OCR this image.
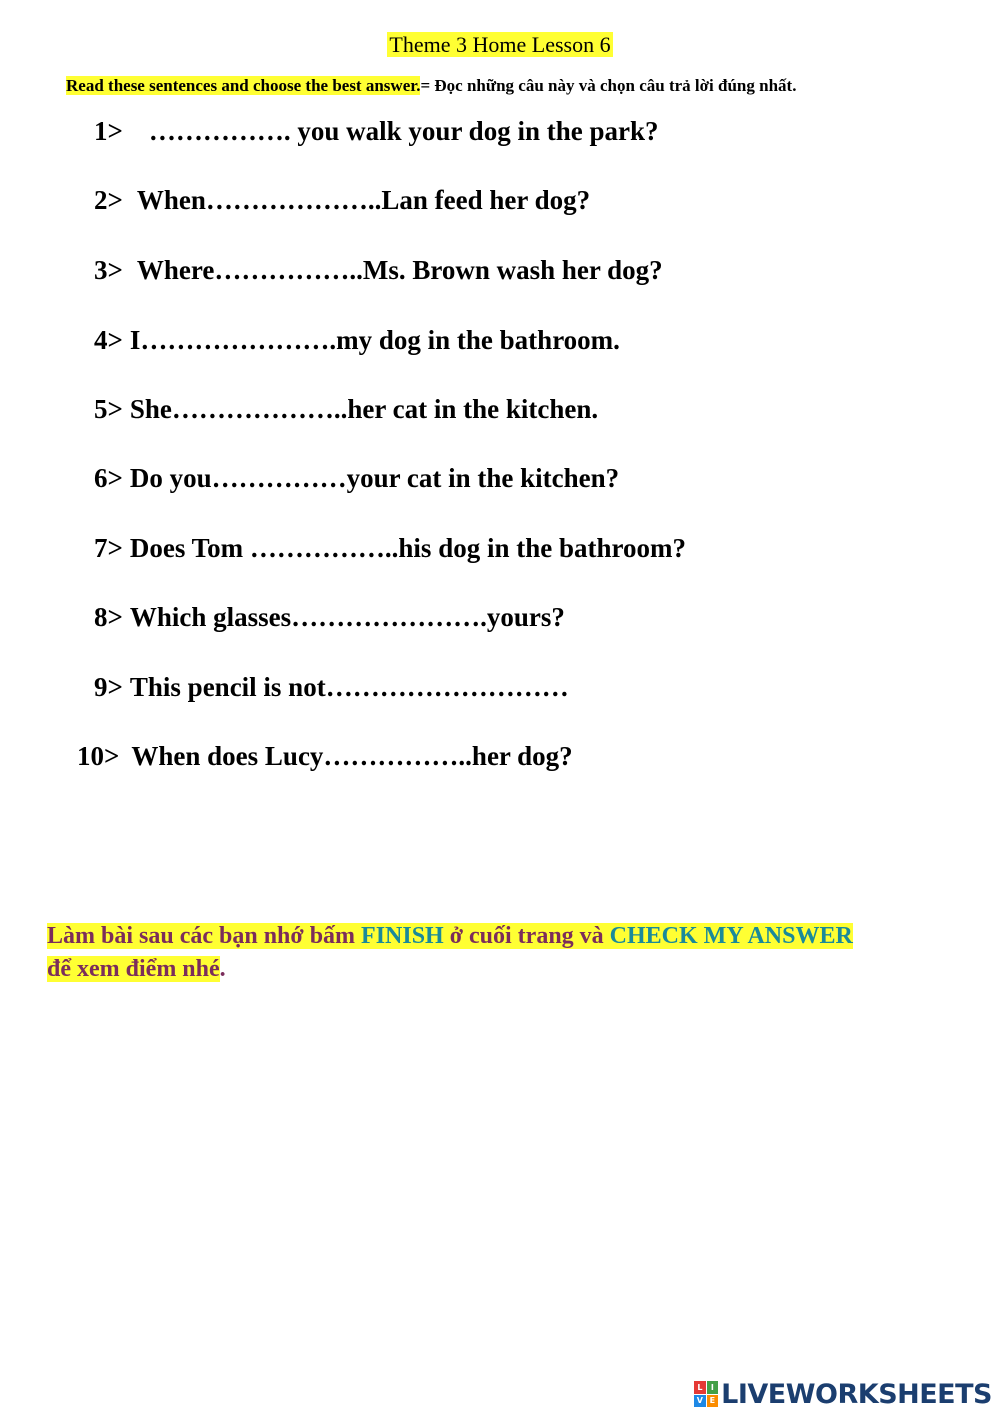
Theme 3 Home Lesson 6
Read these sentences and choose the best answer.= Đọc những câu này và chọn câu trả lời đúng nhất.
1> ……………. you walk your dog in the park?
2> When………………..Lan feed her dog?
3> Where……………..Ms. Brown wash her dog?
4> I………………….my dog in the bathroom.
5> She………………..her cat in the kitchen.
6> Do you……………your cat in the kitchen?
7> Does Tom ……………..his dog in the bathroom?
8> Which glasses………………….yours?
9> This pencil is not………………………
10> When does Lucy……………..her dog?
Làm bài sau các bạn nhớ bấm FINISH ở cuối trang và CHECK MY ANSWER
để xem điểm nhé.
L	I
V E LIVEWORKSHEETS
